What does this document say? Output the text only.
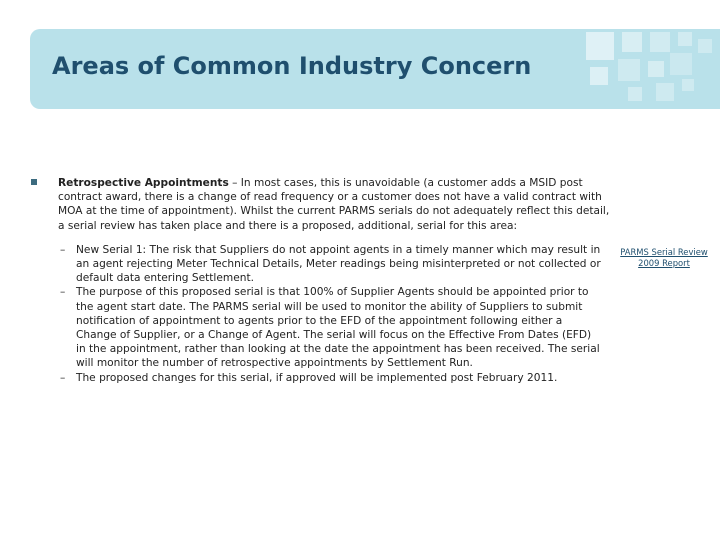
Areas of Common Industry Concern
Retrospective Appointments – In most cases, this is unavoidable (a customer adds a MSID post contract award, there is a change of read frequency or a customer does not have a valid contract with MOA at the time of appointment). Whilst the current PARMS serials do not adequately reflect this detail, a serial review has taken place and there is a proposed, additional, serial for this area:
– New Serial 1: The risk that Suppliers do not appoint agents in a timely manner which may result in an agent rejecting Meter Technical Details, Meter readings being misinterpreted or not collected or default data entering Settlement.
– The purpose of this proposed serial is that 100% of Supplier Agents should be appointed prior to the agent start date. The PARMS serial will be used to monitor the ability of Suppliers to submit notification of appointment to agents prior to the EFD of the appointment following either a Change of Supplier, or a Change of Agent. The serial will focus on the Effective From Dates (EFD) in the appointment, rather than looking at the date the appointment has been received. The serial will monitor the number of retrospective appointments by Settlement Run.
– The proposed changes for this serial, if approved will be implemented post February 2011.
PARMS Serial Review
2009 Report
